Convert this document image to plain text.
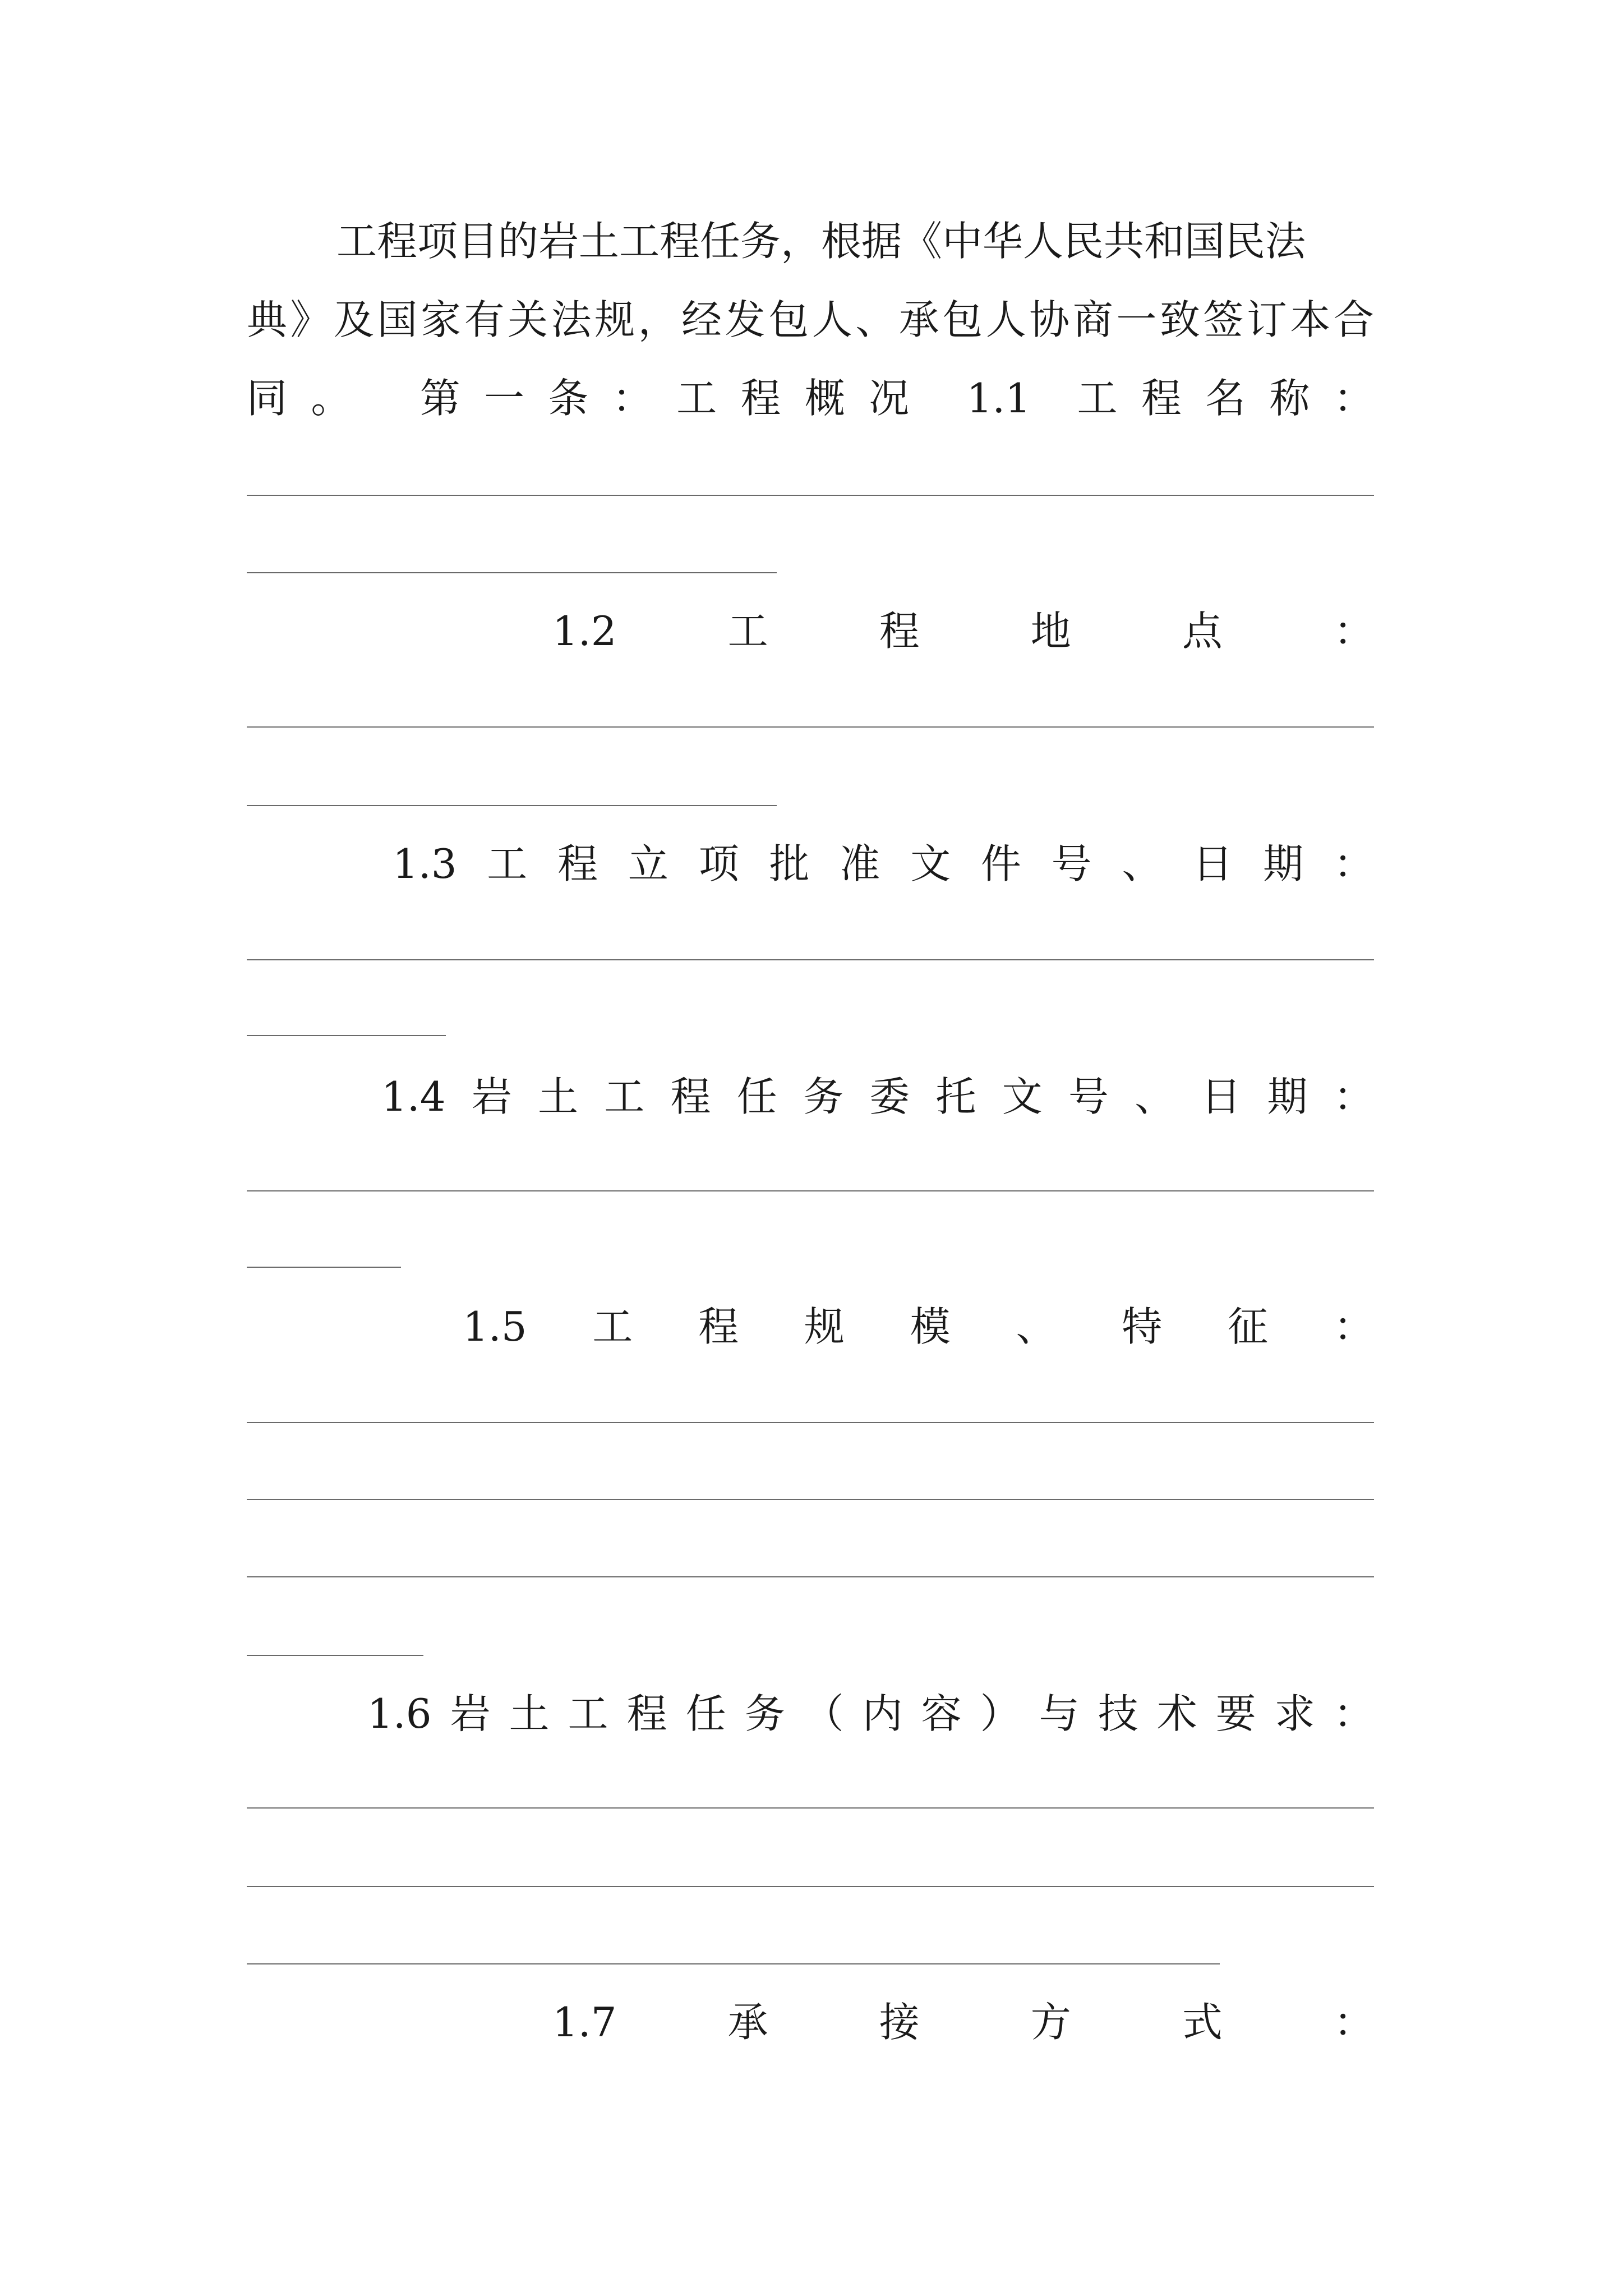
工程项目的岩土工程任务，根据《中华人民共和国民法
典 》 及 国 家 有 关 法 规 ， 经 发 包 人 、 承 包 人 协 商 一 致 签 订 本 合
同 。 第 一 条 ： 工 程 概 况 1.1 工 程 名 称 ：
1.2	工	程	地	点	：
1.3 工 程 立 项 批 准 文 件 号 、 日 期 ：
1.4 岩 土 工 程 任 务 委 托 文 号 、 日 期 ：
1.5 工 程 规 模 、 特 征 ：
1.6 岩 土 工 程 任 务 （ 内 容 ） 与 技 术 要 求 ：
1.7	承	接	方	式	：
